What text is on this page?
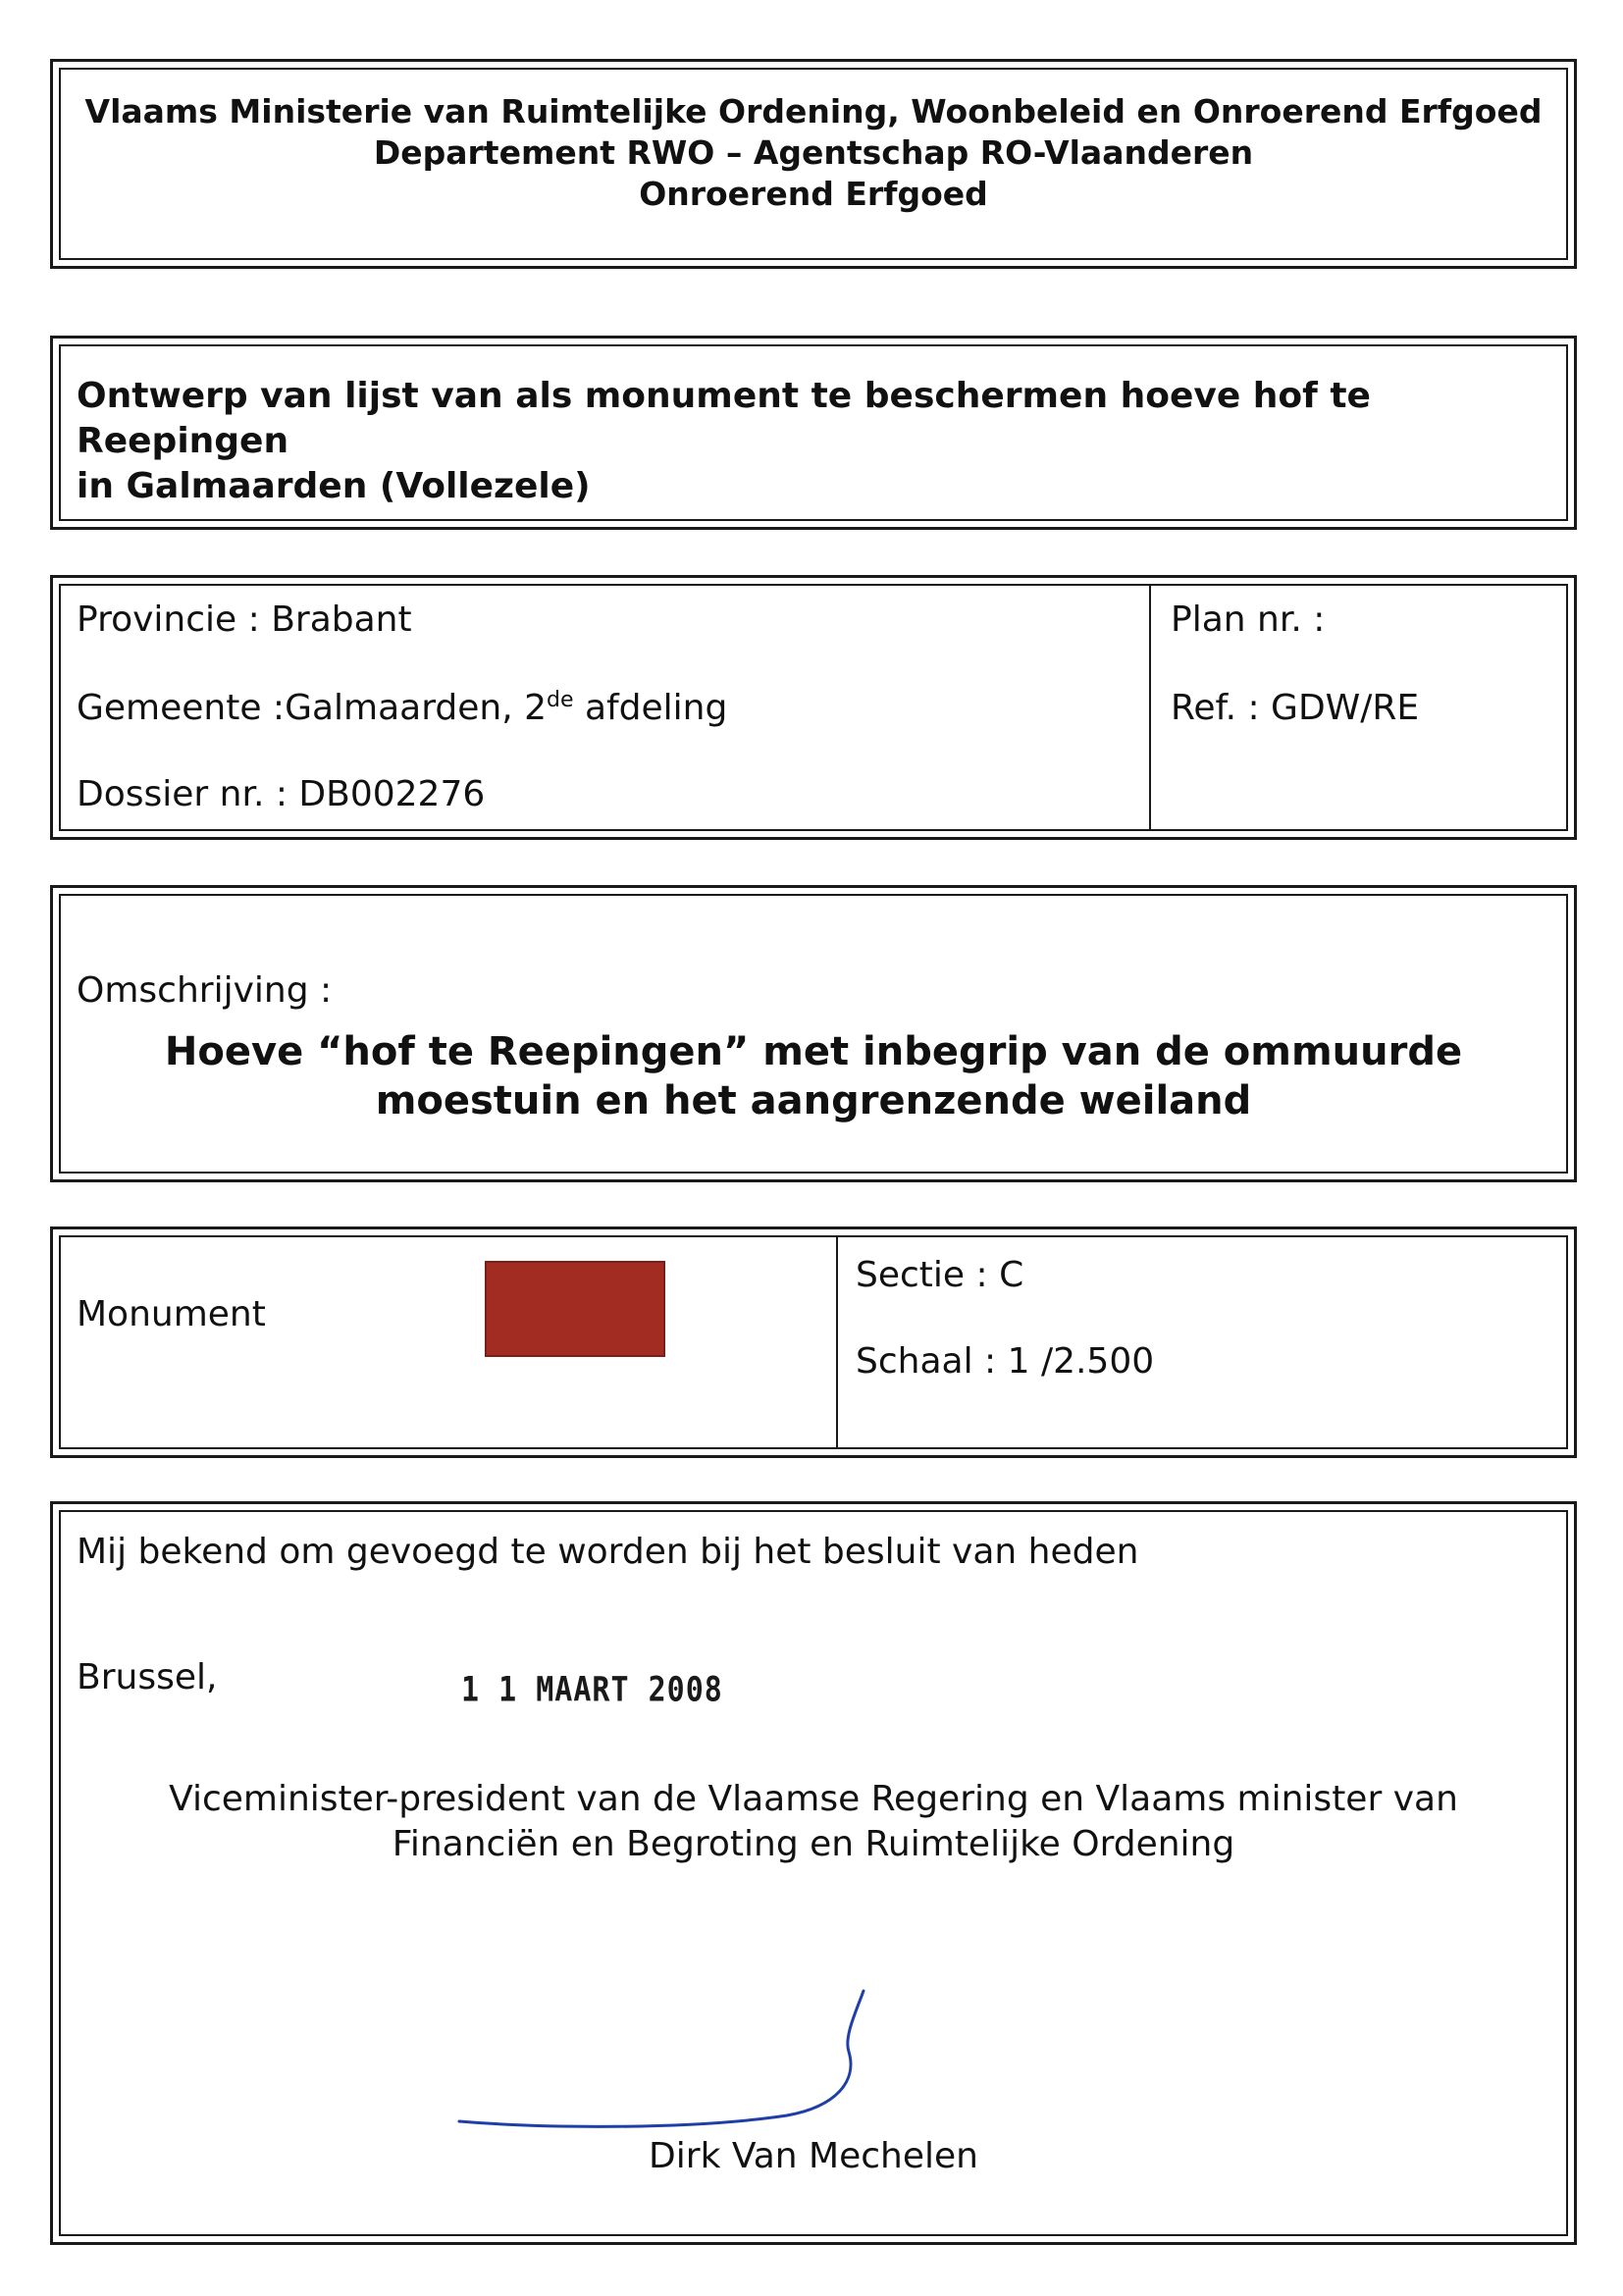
Vlaams Ministerie van Ruimtelijke Ordening, Woonbeleid en Onroerend Erfgoed
Departement RWO – Agentschap RO-Vlaanderen
Onroerend Erfgoed
Ontwerp van lijst van als monument te beschermen hoeve hof te Reepingen
in Galmaarden (Vollezele)
Provincie : Brabant
Gemeente :Galmaarden, 2de afdeling
Dossier nr. : DB002276
Plan nr. :
Ref. : GDW/RE
Omschrijving :
Hoeve “hof te Reepingen” met inbegrip van de ommuurde
moestuin en het aangrenzende weiland
Monument
Sectie : C
Schaal : 1 /2.500
Mij bekend om gevoegd te worden bij het besluit van heden
Brussel,	1 1 MAART 2008
Viceminister-president van de Vlaamse Regering en Vlaams minister van
Financiën en Begroting en Ruimtelijke Ordening
Dirk Van Mechelen
